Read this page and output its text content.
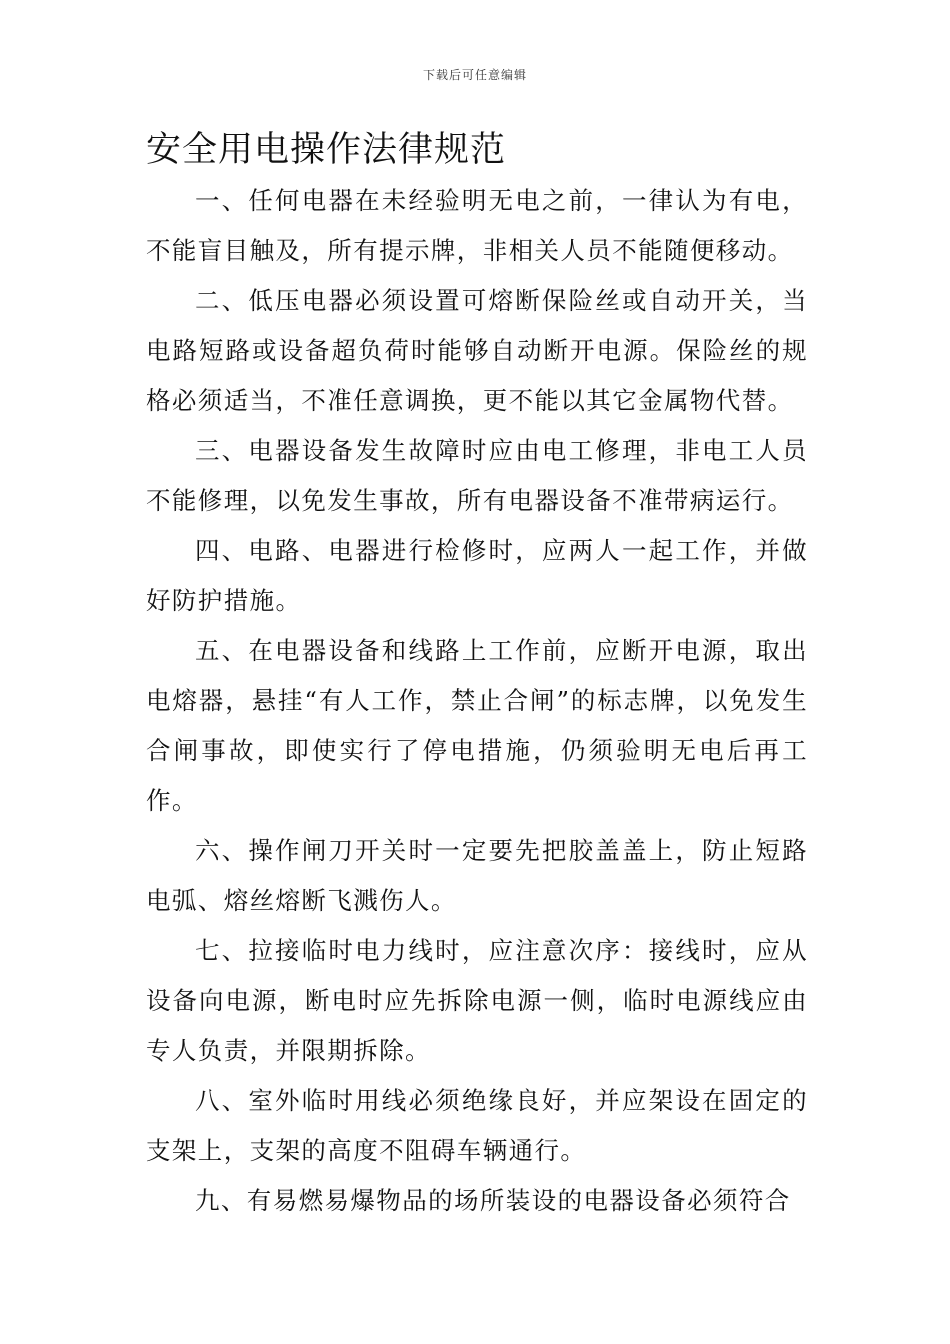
下载后可任意编辑
安全用电操作法律规范

一、任何电器在未经验明无电之前，一律认为有电，不能盲目触及，所有提示牌，非相关人员不能随便移动。

二、低压电器必须设置可熔断保险丝或自动开关，当电路短路或设备超负荷时能够自动断开电源。保险丝的规格必须适当，不准任意调换，更不能以其它金属物代替。

三、电器设备发生故障时应由电工修理，非电工人员不能修理，以免发生事故，所有电器设备不准带病运行。

四、电路、电器进行检修时，应两人一起工作，并做好防护措施。

五、在电器设备和线路上工作前，应断开电源，取出电熔器，悬挂“有人工作，禁止合闸”的标志牌，以免发生合闸事故，即使实行了停电措施，仍须验明无电后再工作。

六、操作闸刀开关时一定要先把胶盖盖上，防止短路电弧、熔丝熔断飞溅伤人。

七、拉接临时电力线时，应注意次序：接线时，应从设备向电源，断电时应先拆除电源一侧，临时电源线应由专人负责，并限期拆除。

八、室外临时用线必须绝缘良好，并应架设在固定的支架上，支架的高度不阻碍车辆通行。

九、有易燃易爆物品的场所装设的电器设备必须符合
